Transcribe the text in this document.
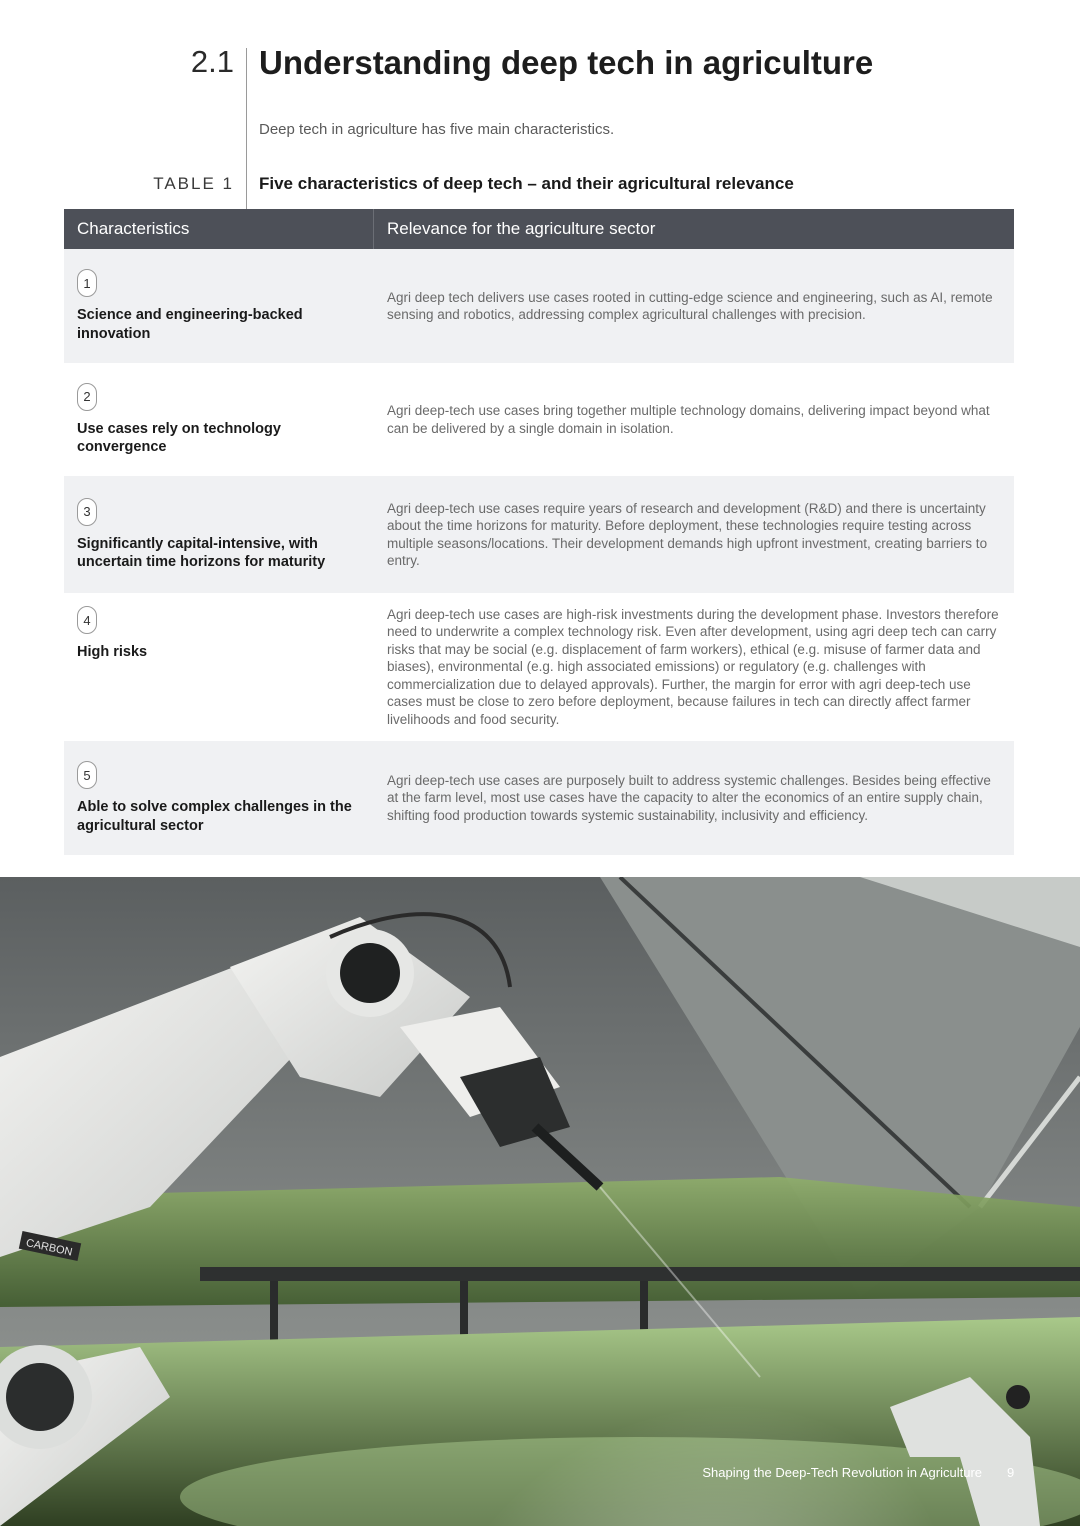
2.1 Understanding deep tech in agriculture
Deep tech in agriculture has five main characteristics.
TABLE 1 Five characteristics of deep tech – and their agricultural relevance
Characteristics	Relevance for the agriculture sector
1
Science and engineering-backed innovation
Agri deep tech delivers use cases rooted in cutting-edge science and engineering, such as AI, remote sensing and robotics, addressing complex agricultural challenges with precision.
2
Use cases rely on technology convergence
Agri deep-tech use cases bring together multiple technology domains, delivering impact beyond what can be delivered by a single domain in isolation.
3
Significantly capital-intensive, with uncertain time horizons for maturity
Agri deep-tech use cases require years of research and development (R&D) and there is uncertainty about the time horizons for maturity. Before deployment, these technologies require testing across multiple seasons/locations. Their development demands high upfront investment, creating barriers to entry.
4
High risks
Agri deep-tech use cases are high-risk investments during the development phase. Investors therefore need to underwrite a complex technology risk. Even after development, using agri deep tech can carry risks that may be social (e.g. displacement of farm workers), ethical (e.g. misuse of farmer data and biases), environmental (e.g. high associated emissions) or regulatory (e.g. challenges with commercialization due to delayed approvals). Further, the margin for error with agri deep-tech use cases must be close to zero before deployment, because failures in tech can directly affect farmer livelihoods and food security.
5
Able to solve complex challenges in the agricultural sector
Agri deep-tech use cases are purposely built to address systemic challenges. Besides being effective at the farm level, most use cases have the capacity to alter the economics of an entire supply chain, shifting food production towards systemic sustainability, inclusivity and efficiency.
CARBON
Shaping the Deep-Tech Revolution in Agriculture 9
